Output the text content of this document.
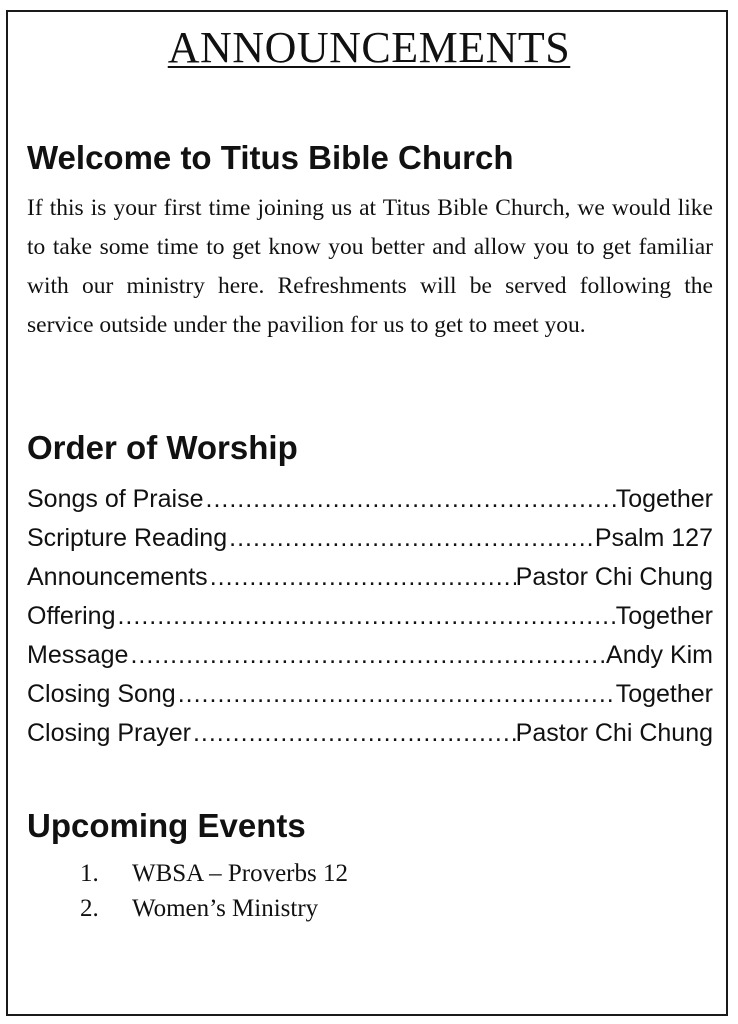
ANNOUNCEMENTS
Welcome to Titus Bible Church

If this is your first time joining us at Titus Bible Church, we would like to take some time to get know you better and allow you to get familiar with our ministry here. Refreshments will be served following the service outside under the pavilion for us to get to meet you.

Order of Worship
Songs of Praise .....	Together
Scripture Reading .....	Psalm 127
Announcements .....	Pastor Chi Chung
Offering .....	Together
Message .....	Andy Kim
Closing Song .....	Together
Closing Prayer .....	Pastor Chi Chung
Upcoming Events
1.	WBSA – Proverbs 12
2.	Women’s Ministry
